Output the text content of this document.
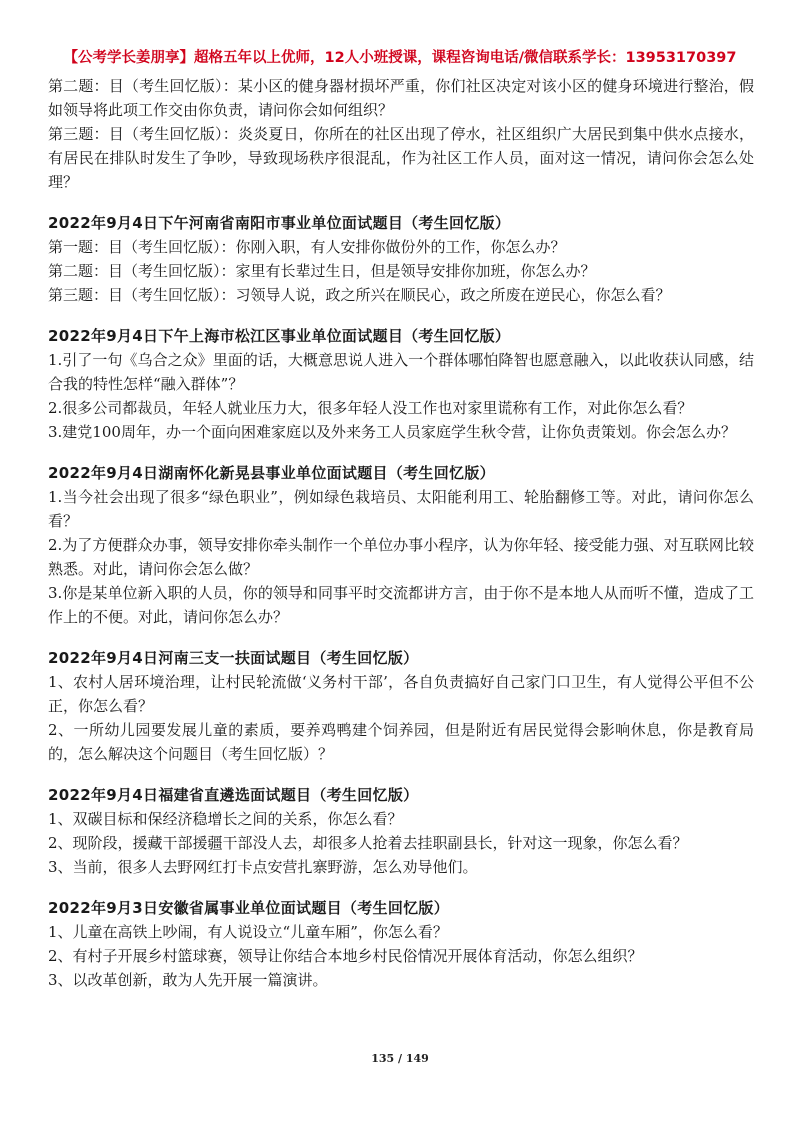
【公考学长姜朋享】超格五年以上优师，12人小班授课，课程咨询电话/微信联系学长：13953170397

第二题：目（考生回忆版）：某小区的健身器材损坏严重，你们社区决定对该小区的健身环境进行整治，假如领导将此项工作交由你负责，请问你会如何组织？

第三题：目（考生回忆版）：炎炎夏日，你所在的社区出现了停水，社区组织广大居民到集中供水点接水，有居民在排队时发生了争吵，导致现场秩序很混乱，作为社区工作人员，面对这一情况，请问你会怎么处理？

2022年9月4日下午河南省南阳市事业单位面试题目（考生回忆版）

第一题：目（考生回忆版）：你刚入职，有人安排你做份外的工作，你怎么办？

第二题：目（考生回忆版）：家里有长辈过生日，但是领导安排你加班，你怎么办？

第三题：目（考生回忆版）：习领导人说，政之所兴在顺民心，政之所废在逆民心，你怎么看？

2022年9月4日下午上海市松江区事业单位面试题目（考生回忆版）

1.引了一句《乌合之众》里面的话，大概意思说人进入一个群体哪怕降智也愿意融入，以此收获认同感，结合我的特性怎样“融入群体”？

2.很多公司都裁员，年轻人就业压力大，很多年轻人没工作也对家里谎称有工作，对此你怎么看？

3.建党100周年，办一个面向困难家庭以及外来务工人员家庭学生秋令营，让你负责策划。你会怎么办？

2022年9月4日湖南怀化新晃县事业单位面试题目（考生回忆版）

1.当今社会出现了很多“绿色职业”，例如绿色栽培员、太阳能利用工、轮胎翻修工等。对此，请问你怎么看？

2.为了方便群众办事，领导安排你牵头制作一个单位办事小程序，认为你年轻、接受能力强、对互联网比较熟悉。对此，请问你会怎么做？

3.你是某单位新入职的人员，你的领导和同事平时交流都讲方言，由于你不是本地人从而听不懂，造成了工作上的不便。对此，请问你怎么办？

2022年9月4日河南三支一扶面试题目（考生回忆版）

1、农村人居环境治理，让村民轮流做‘义务村干部’，各自负责搞好自己家门口卫生，有人觉得公平但不公正，你怎么看？

2、一所幼儿园要发展儿童的素质，要养鸡鸭建个饲养园，但是附近有居民觉得会影响休息，你是教育局的，怎么解决这个问题目（考生回忆版）？

2022年9月4日福建省直遴选面试题目（考生回忆版）

1、双碳目标和保经济稳增长之间的关系，你怎么看？

2、现阶段，援藏干部援疆干部没人去，却很多人抢着去挂职副县长，针对这一现象，你怎么看？

3、当前，很多人去野网红打卡点安营扎寨野游，怎么劝导他们。

2022年9月3日安徽省属事业单位面试题目（考生回忆版）

1、儿童在高铁上吵闹，有人说设立“儿童车厢”，你怎么看？

2、有村子开展乡村篮球赛，领导让你结合本地乡村民俗情况开展体育活动，你怎么组织？

3、以改革创新，敢为人先开展一篇演讲。

135 / 149
